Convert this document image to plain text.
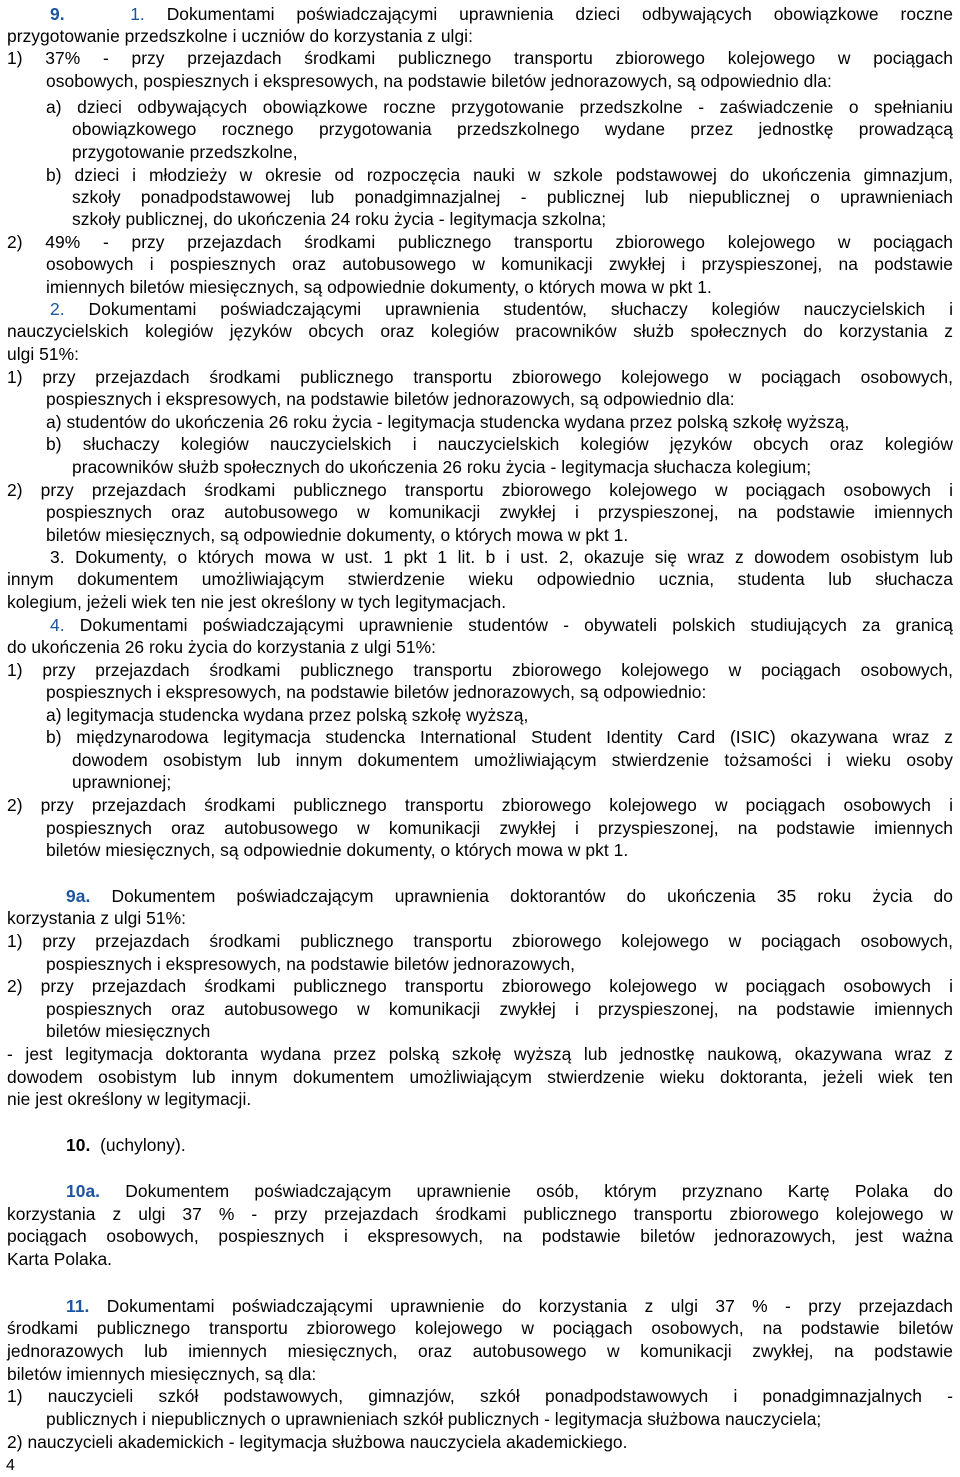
9.	1. Dokumentami poświadczającymi uprawnienia dzieci odbywających obowiązkowe roczne
przygotowanie przedszkolne i uczniów do korzystania z ulgi:
1) 37% - przy przejazdach środkami publicznego transportu zbiorowego kolejowego w pociągach
osobowych, pospiesznych i ekspresowych, na podstawie biletów jednorazowych, są odpowiednio dla:
a) dzieci odbywających obowiązkowe roczne przygotowanie przedszkolne - zaświadczenie o spełnianiu
obowiązkowego rocznego przygotowania przedszkolnego wydane przez jednostkę prowadzącą
przygotowanie przedszkolne,
b) dzieci i młodzieży w okresie od rozpoczęcia nauki w szkole podstawowej do ukończenia gimnazjum,
szkoły ponadpodstawowej lub ponadgimnazjalnej - publicznej lub niepublicznej o uprawnieniach
szkoły publicznej, do ukończenia 24 roku życia - legitymacja szkolna;
2) 49% - przy przejazdach środkami publicznego transportu zbiorowego kolejowego w pociągach
osobowych i pospiesznych oraz autobusowego w komunikacji zwykłej i przyspieszonej, na podstawie
imiennych biletów miesięcznych, są odpowiednie dokumenty, o których mowa w pkt 1.
2. Dokumentami poświadczającymi uprawnienia studentów, słuchaczy kolegiów nauczycielskich i
nauczycielskich kolegiów języków obcych oraz kolegiów pracowników służb społecznych do korzystania z
ulgi 51%:
1) przy przejazdach środkami publicznego transportu zbiorowego kolejowego w pociągach osobowych,
pospiesznych i ekspresowych, na podstawie biletów jednorazowych, są odpowiednio dla:
a) studentów do ukończenia 26 roku życia - legitymacja studencka wydana przez polską szkołę wyższą,
b) słuchaczy kolegiów nauczycielskich i nauczycielskich kolegiów języków obcych oraz kolegiów
pracowników służb społecznych do ukończenia 26 roku życia - legitymacja słuchacza kolegium;
2) przy przejazdach środkami publicznego transportu zbiorowego kolejowego w pociągach osobowych i
pospiesznych oraz autobusowego w komunikacji zwykłej i przyspieszonej, na podstawie imiennych
biletów miesięcznych, są odpowiednie dokumenty, o których mowa w pkt 1.
3. Dokumenty, o których mowa w ust. 1 pkt 1 lit. b i ust. 2, okazuje się wraz z dowodem osobistym lub
innym dokumentem umożliwiającym stwierdzenie wieku odpowiednio ucznia, studenta lub słuchacza
kolegium, jeżeli wiek ten nie jest określony w tych legitymacjach.
4. Dokumentami poświadczającymi uprawnienie studentów - obywateli polskich studiujących za granicą
do ukończenia 26 roku życia do korzystania z ulgi 51%:
1) przy przejazdach środkami publicznego transportu zbiorowego kolejowego w pociągach osobowych,
pospiesznych i ekspresowych, na podstawie biletów jednorazowych, są odpowiednio:
a) legitymacja studencka wydana przez polską szkołę wyższą,
b) międzynarodowa legitymacja studencka International Student Identity Card (ISIC) okazywana wraz z
dowodem osobistym lub innym dokumentem umożliwiającym stwierdzenie tożsamości i wieku osoby
uprawnionej;
2) przy przejazdach środkami publicznego transportu zbiorowego kolejowego w pociągach osobowych i
pospiesznych oraz autobusowego w komunikacji zwykłej i przyspieszonej, na podstawie imiennych
biletów miesięcznych, są odpowiednie dokumenty, o których mowa w pkt 1.
9a. Dokumentem poświadczającym uprawnienia doktorantów do ukończenia 35 roku życia do
korzystania z ulgi 51%:
1) przy przejazdach środkami publicznego transportu zbiorowego kolejowego w pociągach osobowych,
pospiesznych i ekspresowych, na podstawie biletów jednorazowych,
2) przy przejazdach środkami publicznego transportu zbiorowego kolejowego w pociągach osobowych i
pospiesznych oraz autobusowego w komunikacji zwykłej i przyspieszonej, na podstawie imiennych
biletów miesięcznych
- jest legitymacja doktoranta wydana przez polską szkołę wyższą lub jednostkę naukową, okazywana wraz z
dowodem osobistym lub innym dokumentem umożliwiającym stwierdzenie wieku doktoranta, jeżeli wiek ten
nie jest określony w legitymacji.
10. (uchylony).
10a. Dokumentem poświadczającym uprawnienie osób, którym przyznano Kartę Polaka do
korzystania z ulgi 37 % - przy przejazdach środkami publicznego transportu zbiorowego kolejowego w
pociągach osobowych, pospiesznych i ekspresowych, na podstawie biletów jednorazowych, jest ważna
Karta Polaka.
11. Dokumentami poświadczającymi uprawnienie do korzystania z ulgi 37 % - przy przejazdach
środkami publicznego transportu zbiorowego kolejowego w pociągach osobowych, na podstawie biletów
jednorazowych lub imiennych miesięcznych, oraz autobusowego w komunikacji zwykłej, na podstawie
biletów imiennych miesięcznych, są dla:
1) nauczycieli szkół podstawowych, gimnazjów, szkół ponadpodstawowych i ponadgimnazjalnych -
publicznych i niepublicznych o uprawnieniach szkół publicznych - legitymacja służbowa nauczyciela;
2) nauczycieli akademickich - legitymacja służbowa nauczyciela akademickiego.
4
